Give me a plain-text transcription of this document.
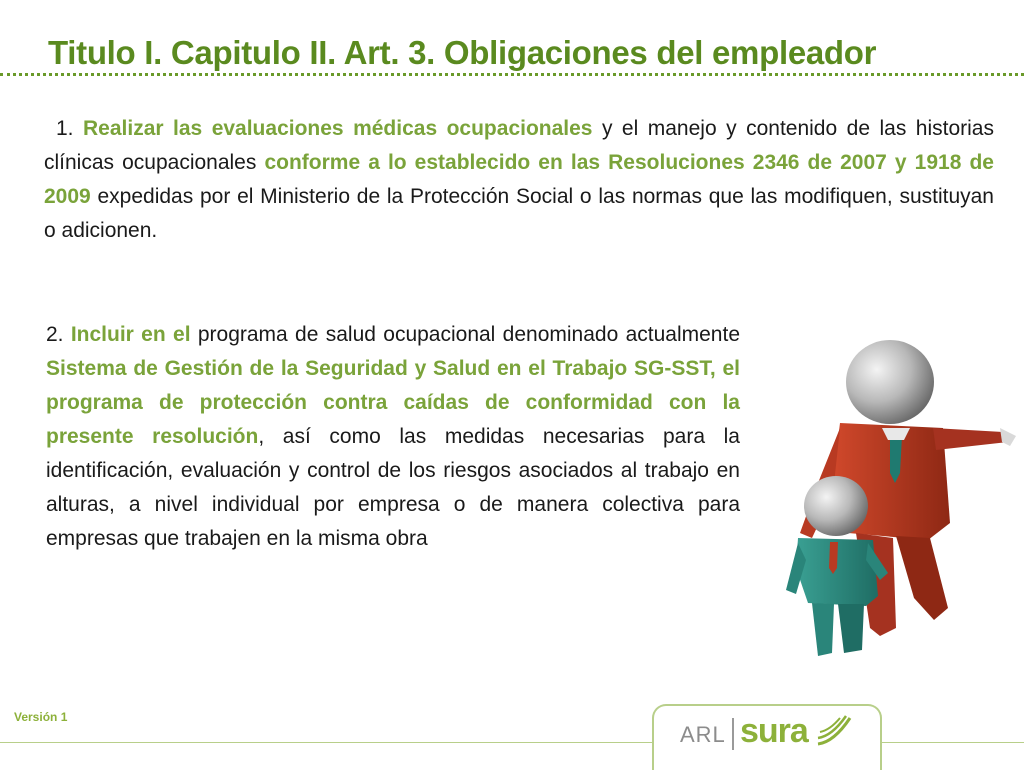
Titulo I. Capitulo II. Art. 3. Obligaciones del empleador

1. Realizar las evaluaciones médicas ocupacionales y el manejo y contenido de las historias clínicas ocupacionales conforme a lo establecido en las Resoluciones 2346 de 2007 y 1918 de 2009 expedidas por el Ministerio de la Protección Social o las normas que las modifiquen, sustituyan o adicionen.

2. Incluir en el programa de salud ocupacional denominado actualmente Sistema de Gestión de la Seguridad y Salud en el Trabajo SG-SST, el programa de protección contra caídas de conformidad con la presente resolución, así como las medidas necesarias para la identificación, evaluación y control de los riesgos asociados al trabajo en alturas, a nivel individual por empresa o de manera colectiva para empresas que trabajen en la misma obra

Versión 1
ARL sura
